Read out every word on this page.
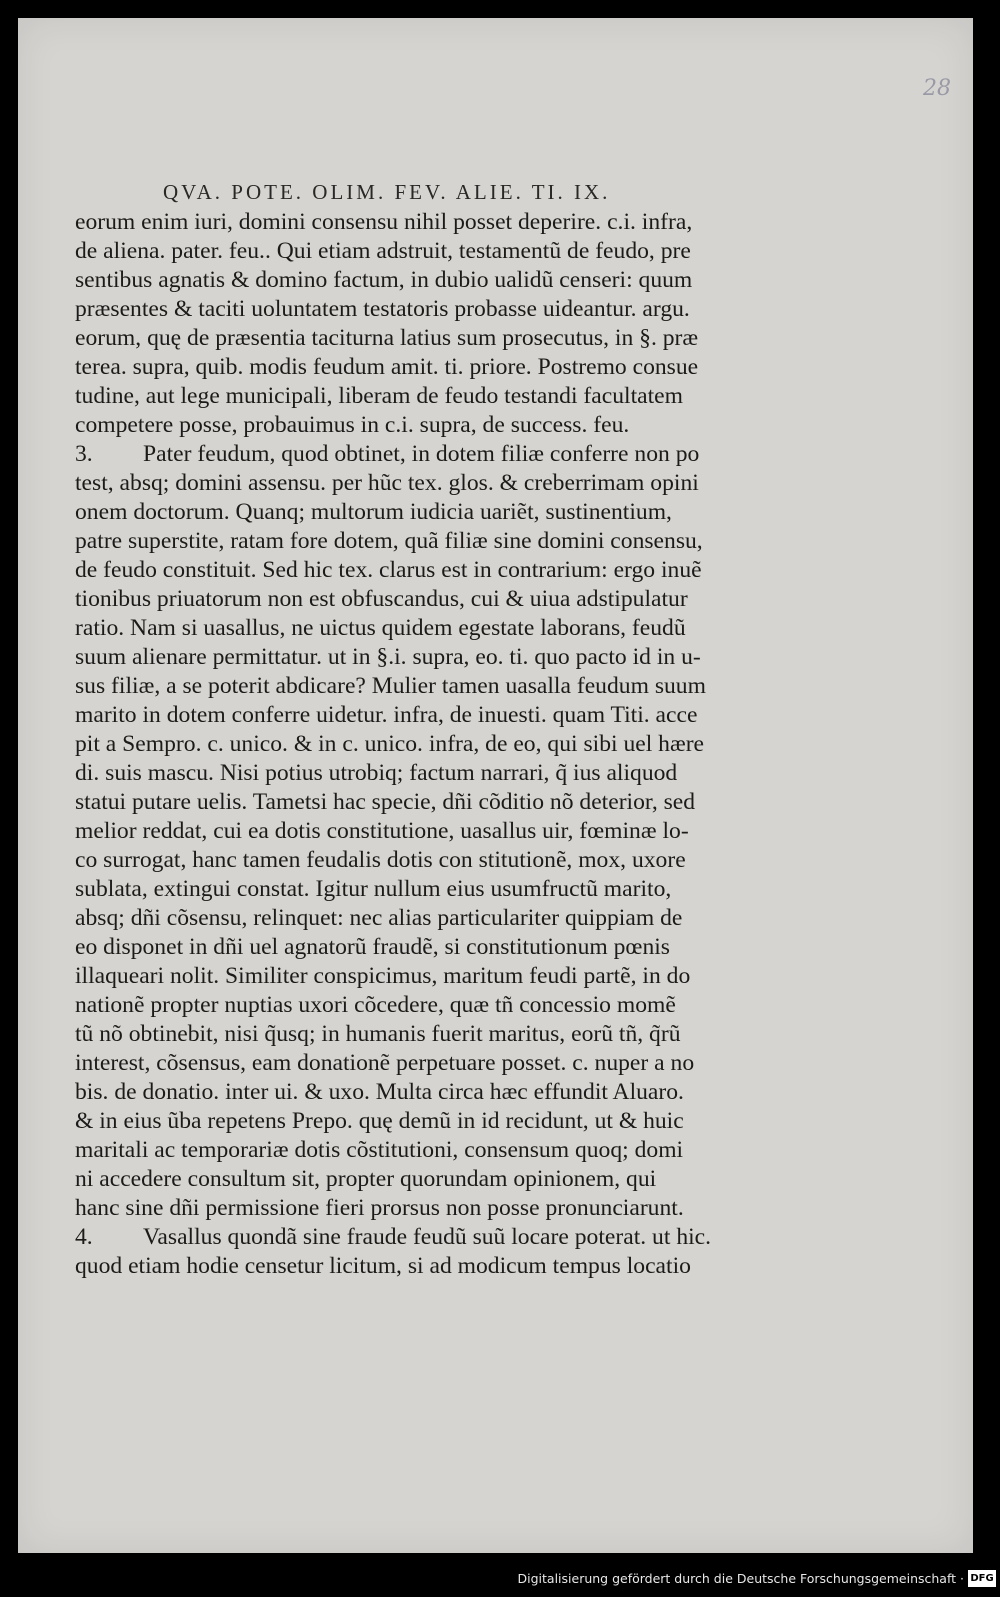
28
QVA. POTE. OLIM. FEV. ALIE. TI. IX.
eorum enim iuri, domini consensu nihil posset deperire. c.i. infra,
de aliena. pater. feu.. Qui etiam adstruit, testamentũ de feudo, pre
sentibus agnatis & domino factum, in dubio ualidũ censeri: quum
præsentes & taciti uoluntatem testatoris probasse uideantur. argu.
eorum, quę de præsentia taciturna latius sum prosecutus, in §. præ
terea. supra, quib. modis feudum amit. ti. priore. Postremo consue
tudine, aut lege municipali, liberam de feudo testandi facultatem
competere posse, probauimus in c.i. supra, de success. feu.
3. Pater feudum, quod obtinet, in dotem filiæ conferre non po
test, absq; domini assensu. per hũc tex. glos. & creberrimam opini
onem doctorum. Quanq; multorum iudicia uariẽt, sustinentium,
patre superstite, ratam fore dotem, quã filiæ sine domini consensu,
de feudo constituit. Sed hic tex. clarus est in contrarium: ergo inuẽ
tionibus priuatorum non est obfuscandus, cui & uiua adstipulatur
ratio. Nam si uasallus, ne uictus quidem egestate laborans, feudũ
suum alienare permittatur. ut in §.i. supra, eo. ti. quo pacto id in u-
sus filiæ, a se poterit abdicare? Mulier tamen uasalla feudum suum
marito in dotem conferre uidetur. infra, de inuesti. quam Titi. acce
pit a Sempro. c. unico. & in c. unico. infra, de eo, qui sibi uel hære
di. suis mascu. Nisi potius utrobiq; factum narrari, q̃ ius aliquod
statui putare uelis. Tametsi hac specie, dñi cõditio nõ deterior, sed
melior reddat, cui ea dotis constitutione, uasallus uir, fœminæ lo-
co surrogat, hanc tamen feudalis dotis con stitutionẽ, mox, uxore
sublata, extingui constat. Igitur nullum eius usumfructũ marito,
absq; dñi cõsensu, relinquet: nec alias particulariter quippiam de
eo disponet in dñi uel agnatorũ fraudẽ, si constitutionum pœnis
illaqueari nolit. Similiter conspicimus, maritum feudi partẽ, in do
nationẽ propter nuptias uxori cõcedere, quæ tñ concessio momẽ
tũ nõ obtinebit, nisi q̃usq; in humanis fuerit maritus, eorũ tñ, q̃rũ
interest, cõsensus, eam donationẽ perpetuare posset. c. nuper a no
bis. de donatio. inter ui. & uxo. Multa circa hæc effundit Aluaro.
& in eius ũba repetens Prepo. quę demũ in id recidunt, ut & huic
maritali ac temporariæ dotis cõstitutioni, consensum quoq; domi
ni accedere consultum sit, propter quorundam opinionem, qui
hanc sine dñi permissione fieri prorsus non posse pronunciarunt.
4. Vasallus quondã sine fraude feudũ suũ locare poterat. ut hic.
quod etiam hodie censetur licitum, si ad modicum tempus locatio
Digitalisierung gefördert durch die Deutsche Forschungsgemeinschaft · DFG
